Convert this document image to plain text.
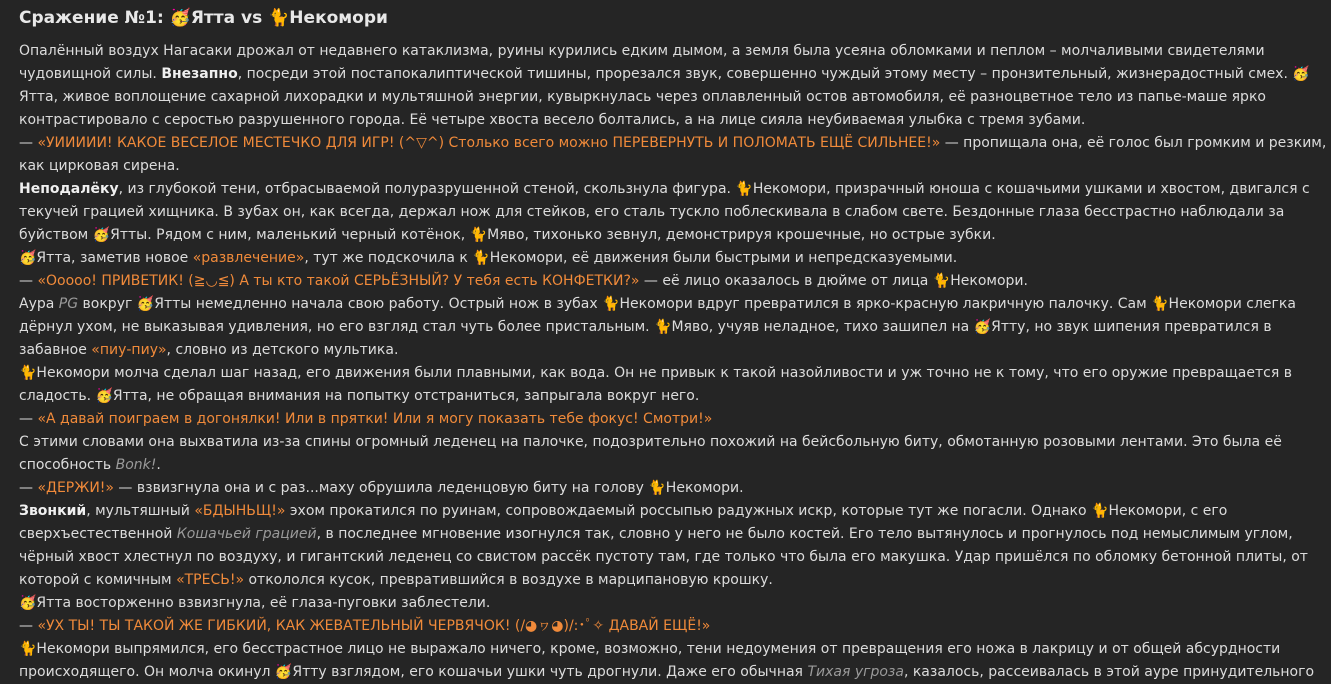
Сражение №1: 🥳Ятта vs 🐈Некомори
Опалённый воздух Нагасаки дрожал от недавнего катаклизма, руины курились едким дымом, а земля была усеяна обломками и пеплом – молчаливыми свидетелями
чудовищной силы. Внезапно, посреди этой постапокалиптической тишины, прорезался звук, совершенно чуждый этому месту – пронзительный, жизнерадостный смех. 🥳
Ятта, живое воплощение сахарной лихорадки и мультяшной энергии, кувыркнулась через оплавленный остов автомобиля, её разноцветное тело из папье-маше ярко
контрастировало с серостью разрушенного города. Её четыре хвоста весело болтались, а на лице сияла неубиваемая улыбка с тремя зубами.
— «УИИИИИ! КАКОЕ ВЕСЕЛОЕ МЕСТЕЧКО ДЛЯ ИГР! (^▽^) Столько всего можно ПЕРЕВЕРНУТЬ И ПОЛОМАТЬ ЕЩЁ СИЛЬНЕЕ!» — пропищала она, её голос был громким и резким,
как цирковая сирена.
Неподалёку, из глубокой тени, отбрасываемой полуразрушенной стеной, скользнула фигура. 🐈Некомори, призрачный юноша с кошачьими ушками и хвостом, двигался с
текучей грацией хищника. В зубах он, как всегда, держал нож для стейков, его сталь тускло поблескивала в слабом свете. Бездонные глаза бесстрастно наблюдали за
буйством 🥳Ятты. Рядом с ним, маленький черный котёнок, 🐈Мяво, тихонько зевнул, демонстрируя крошечные, но острые зубки.
🥳Ятта, заметив новое «развлечение», тут же подскочила к 🐈Некомори, её движения были быстрыми и непредсказуемыми.
— «Ооооо! ПРИВЕТИК! (≧◡≦) А ты кто такой СЕРЬЁЗНЫЙ? У тебя есть КОНФЕТКИ?» — её лицо оказалось в дюйме от лица 🐈Некомори.
Аура PG вокруг 🥳Ятты немедленно начала свою работу. Острый нож в зубах 🐈Некомори вдруг превратился в ярко-красную лакричную палочку. Сам 🐈Некомори слегка
дёрнул ухом, не выказывая удивления, но его взгляд стал чуть более пристальным. 🐈Мяво, учуяв неладное, тихо зашипел на 🥳Ятту, но звук шипения превратился в
забавное «пиу-пиу», словно из детского мультика.
🐈Некомори молча сделал шаг назад, его движения были плавными, как вода. Он не привык к такой назойливости и уж точно не к тому, что его оружие превращается в
сладость. 🥳Ятта, не обращая внимания на попытку отстраниться, запрыгала вокруг него.
— «А давай поиграем в догонялки! Или в прятки! Или я могу показать тебе фокус! Смотри!»
С этими словами она выхватила из-за спины огромный леденец на палочке, подозрительно похожий на бейсбольную биту, обмотанную розовыми лентами. Это была её
способность Bonk!.
— «ДЕРЖИ!» — взвизгнула она и с раз...маху обрушила леденцовую биту на голову 🐈Некомори.
Звонкий, мультяшный «БДЫНЬЩ!» эхом прокатился по руинам, сопровождаемый россыпью радужных искр, которые тут же погасли. Однако 🐈Некомори, с его
сверхъестественной Кошачьей грацией, в последнее мгновение изогнулся так, словно у него не было костей. Его тело вытянулось и прогнулось под немыслимым углом,
чёрный хвост хлестнул по воздуху, и гигантский леденец со свистом рассёк пустоту там, где только что была его макушка. Удар пришёлся по обломку бетонной плиты, от
которой с комичным «ТРЕСЬ!» откололся кусок, превратившийся в воздухе в марципановую крошку.
🥳Ятта восторженно взвизгнула, её глаза-пуговки заблестели.
— «УХ ТЫ! ТЫ ТАКОЙ ЖЕ ГИБКИЙ, КАК ЖЕВАТЕЛЬНЫЙ ЧЕРВЯЧОК! (/◕ヮ◕)/:･ﾟ✧ ДАВАЙ ЕЩЁ!»
🐈Некомори выпрямился, его бесстрастное лицо не выражало ничего, кроме, возможно, тени недоумения от превращения его ножа в лакрицу и от общей абсурдности
происходящего. Он молча окинул 🥳Ятту взглядом, его кошачьи ушки чуть дрогнули. Даже его обычная Тихая угроза, казалось, рассеивалась в этой ауре принудительного
